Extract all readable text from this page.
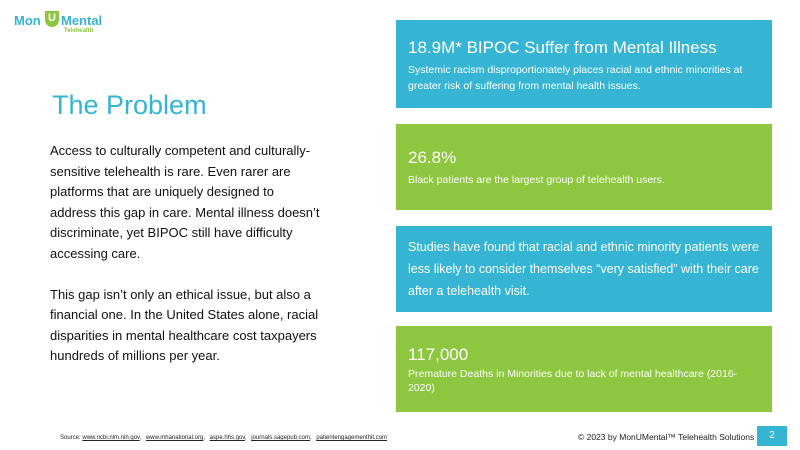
Mon U Mental
Telehealth
The Problem

Access to culturally competent and culturally-sensitive telehealth is rare. Even rarer are platforms that are uniquely designed to address this gap in care. Mental illness doesn’t discriminate, yet BIPOC still have difficulty accessing care.

This gap isn’t only an ethical issue, but also a financial one. In the United States alone, racial disparities in mental healthcare cost taxpayers hundreds of millions per year.

18.9M* BIPOC Suffer from Mental Illness
Systemic racism disproportionately places racial and ethnic minorities at greater risk of suffering from mental health issues.
26.8%
Black patients are the largest group of telehealth users.
Studies have found that racial and ethnic minority patients were less likely to consider themselves “very satisfied” with their care after a telehealth visit.
117,000
Premature Deaths in Minorities due to lack of mental healthcare (2016-2020)
Source: www.ncbi.nlm.nih.gov, www.mhanational.org, aspe.hhs.gov, journals.sagepub.com, patientengagementhit.com	© 2023 by MonUMental™ Telehealth Solutions	2
